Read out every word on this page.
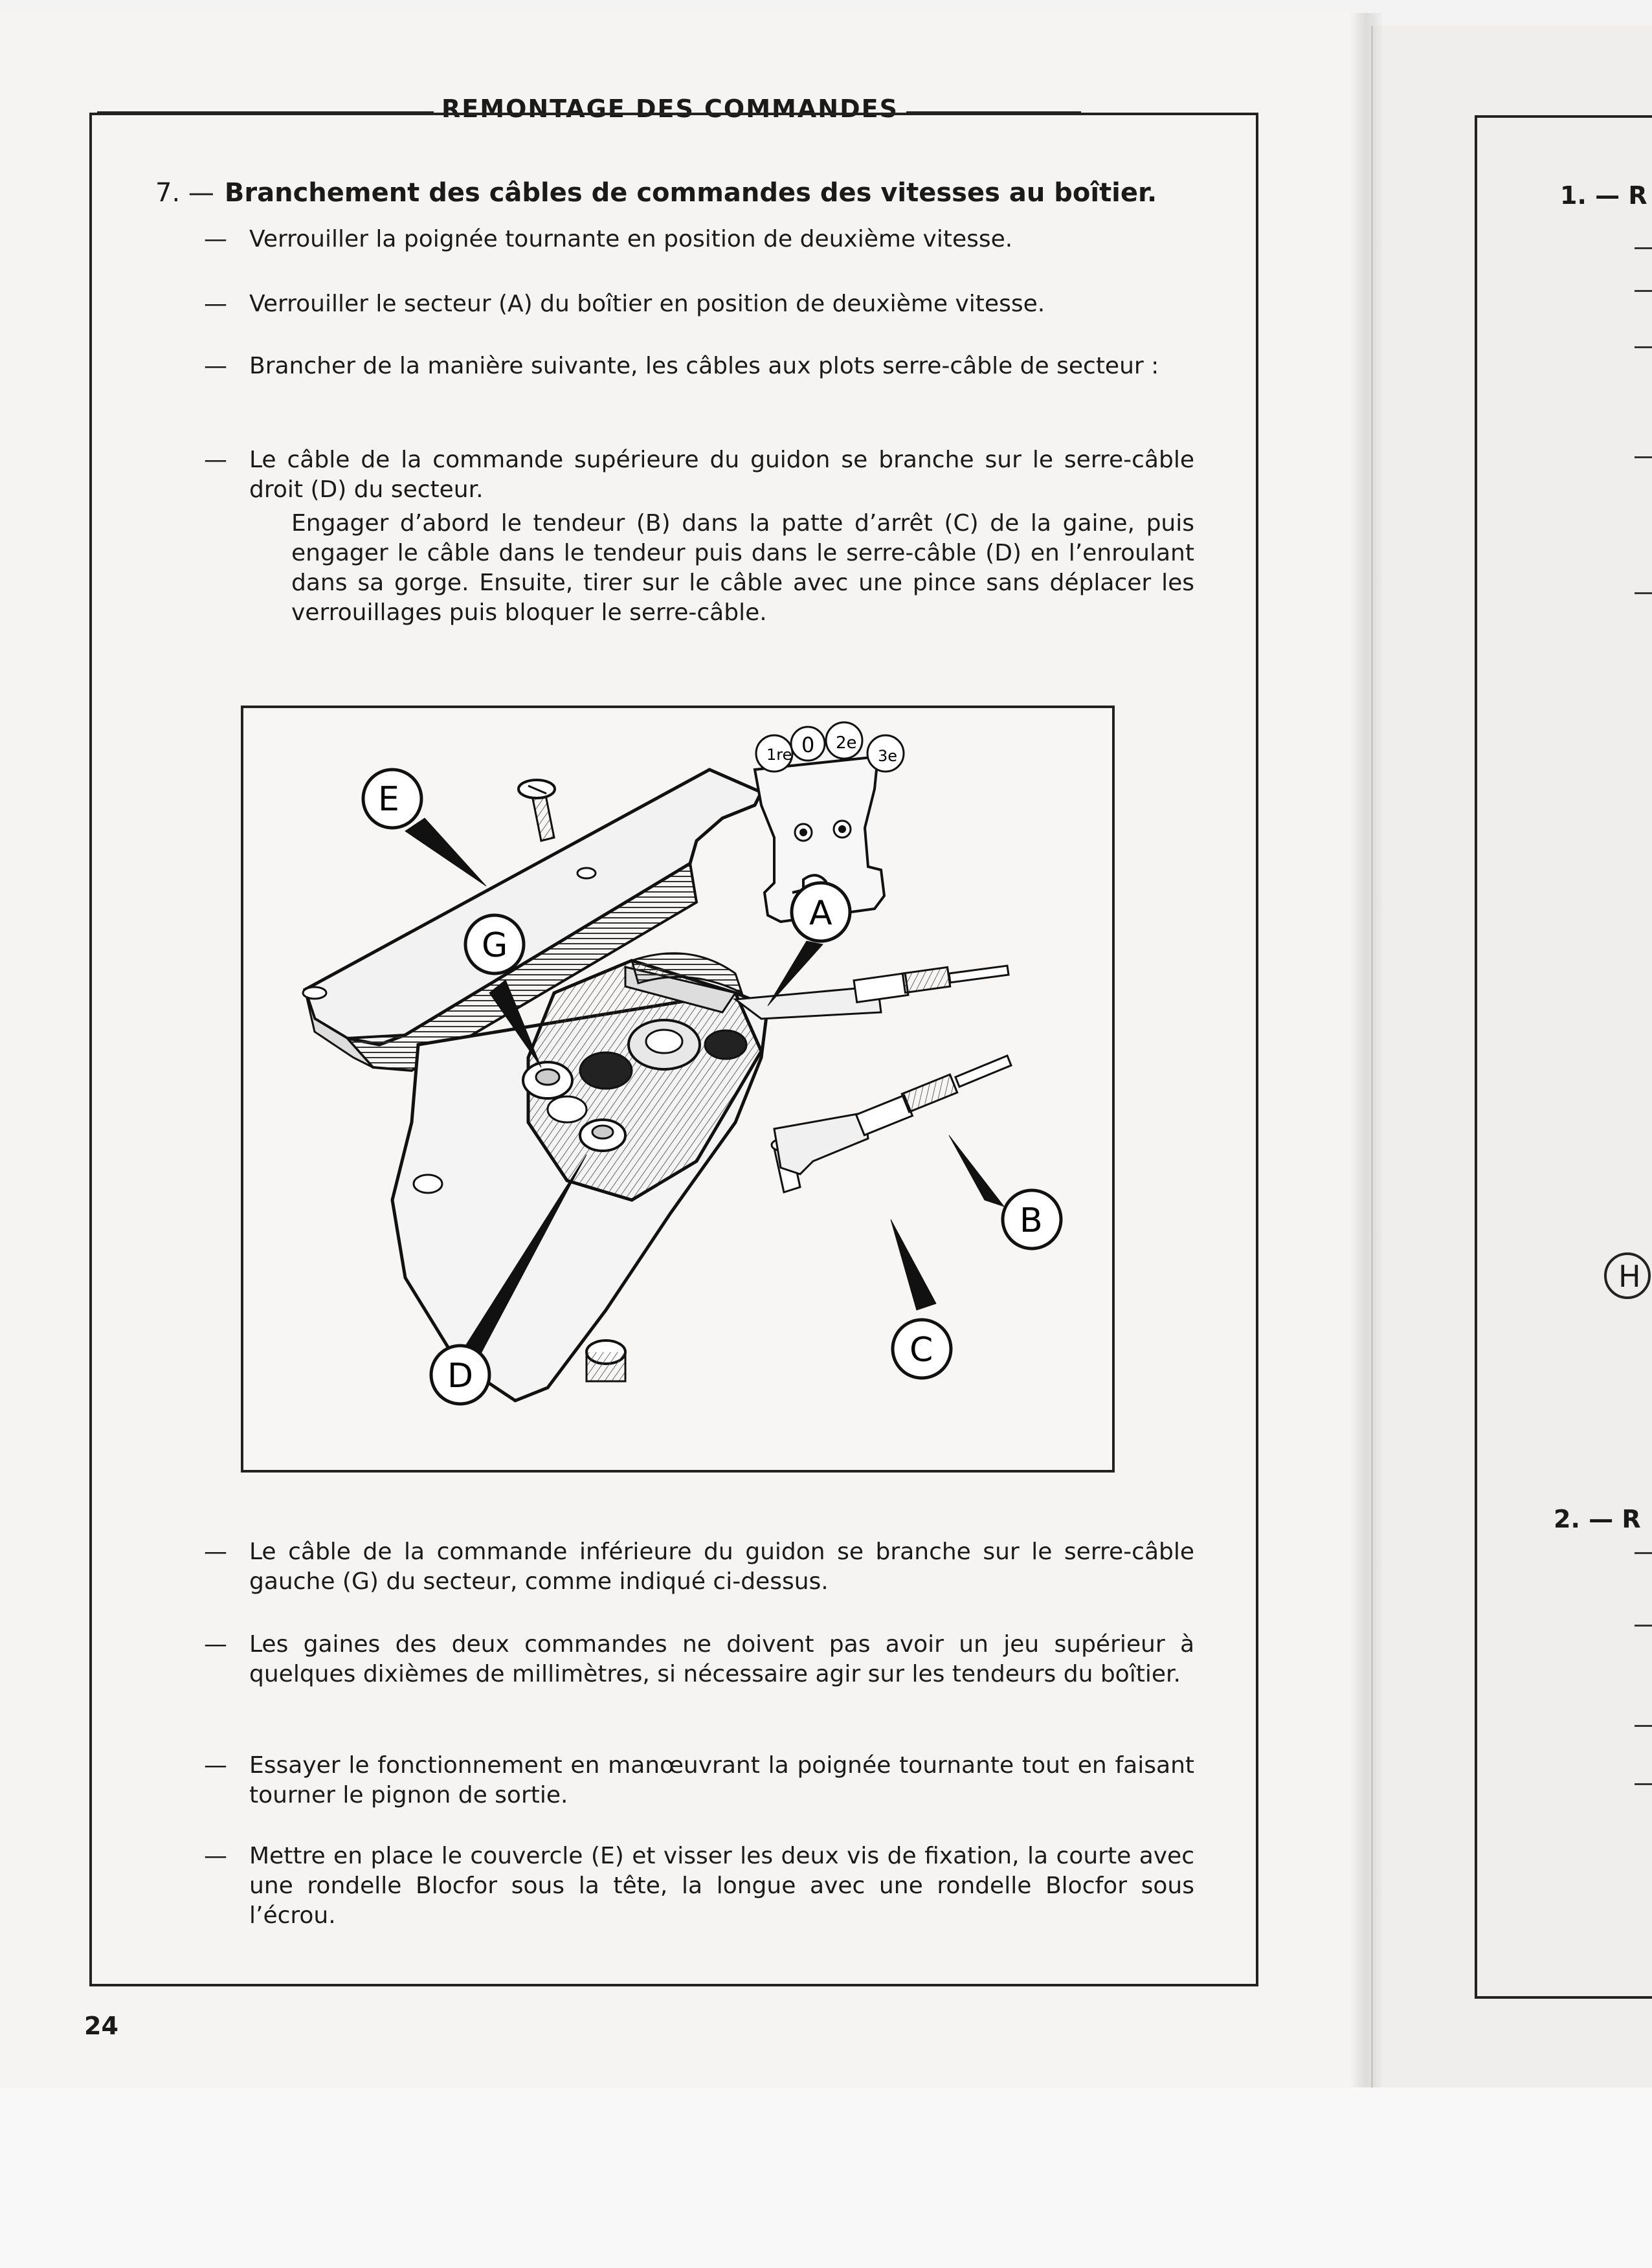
REMONTAGE DES COMMANDES
7. — Branchement des câbles de commandes des vitesses au boîtier.
— Verrouiller la poignée tournante en position de deuxième vitesse.
— Verrouiller le secteur (A) du boîtier en position de deuxième vitesse.
— Brancher de la manière suivante, les câbles aux plots serre-câble de secteur :
— Le câble de la commande supérieure du guidon se branche sur le serre-câble droit (D) du secteur.
Engager d’abord le tendeur (B) dans la patte d’arrêt (C) de la gaine, puis engager le câble dans le tendeur puis dans le serre-câble (D) en l’enroulant dans sa gorge. Ensuite, tirer sur le câble avec une pince sans déplacer les verrouillages puis bloquer le serre-câble.
1re 0 2e
3e
E
G
A
B
C
D
— Le câble de la commande inférieure du guidon se branche sur le serre-câble gauche (G) du secteur, comme indiqué ci-dessus.
— Les gaines des deux commandes ne doivent pas avoir un jeu supérieur à quelques dixièmes de millimètres, si nécessaire agir sur les tendeurs du boîtier.
— Essayer le fonctionnement en manœuvrant la poignée tournante tout en faisant tourner le pignon de sortie.
— Mettre en place le couvercle (E) et visser les deux vis de fixation, la courte avec une rondelle Blocfor sous la tête, la longue avec une rondelle Blocfor sous l’écrou.
24
1. — R
2. — R
H
